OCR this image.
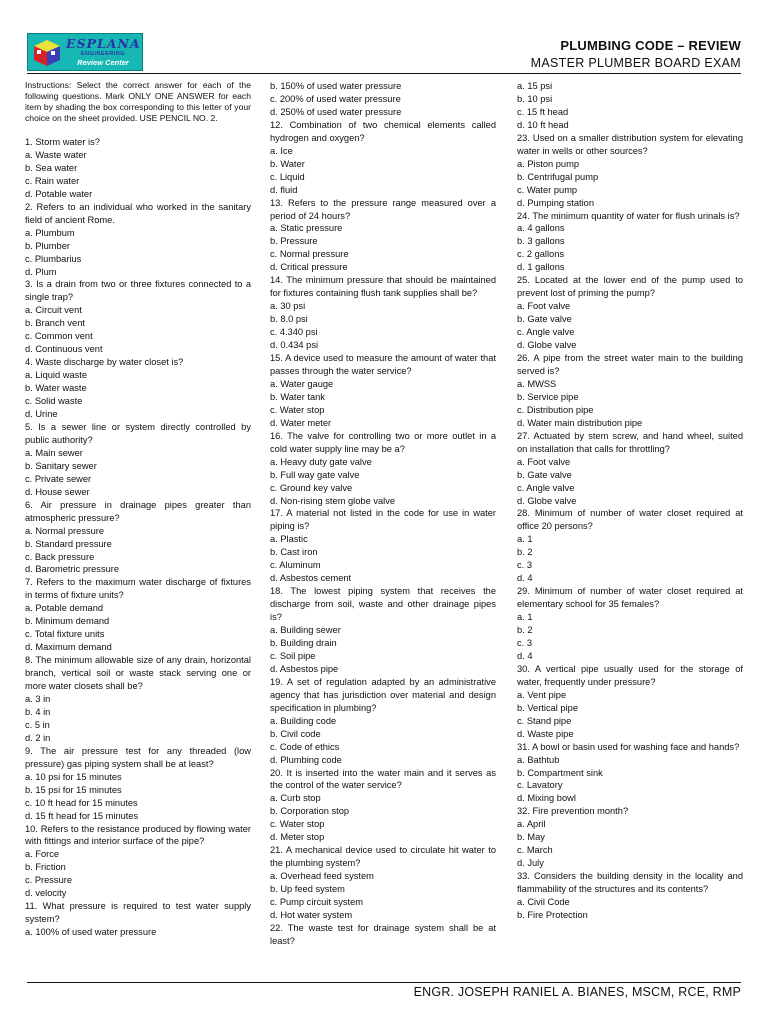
ESPLANA
ENGINEERING
Review Center
PLUMBING CODE – REVIEW
MASTER PLUMBER BOARD EXAM

Instructions: Select the correct answer for each of the following questions. Mark ONLY ONE ANSWER for each item by shading the box corresponding to this letter of your choice on the sheet provided. USE PENCIL NO. 2.

1. Storm water is?

a. Waste water

b. Sea water

c. Rain water

d. Potable water

2. Refers to an individual who worked in the sanitary field of ancient Rome.

a. Plumbum

b. Plumber

c. Plumbarius

d. Plum

3. Is a drain from two or three fixtures connected to a single trap?

a. Circuit vent

b. Branch vent

c. Common vent

d. Continuous vent

4. Waste discharge by water closet is?

a. Liquid waste

b. Water waste

c. Solid waste

d. Urine

5. Is a sewer line or system directly controlled by public authority?

a. Main sewer

b. Sanitary sewer

c. Private sewer

d. House sewer

6. Air pressure in drainage pipes greater than atmospheric pressure?

a. Normal pressure

b. Standard pressure

c. Back pressure

d. Barometric pressure

7. Refers to the maximum water discharge of fixtures in terms of fixture units?

a. Potable demand

b. Minimum demand

c. Total fixture units

d. Maximum demand

8. The minimum allowable size of any drain, horizontal branch, vertical soil or waste stack serving one or more water closets shall be?

a. 3 in

b. 4 in

c. 5 in

d. 2 in

9. The air pressure test for any threaded (low pressure) gas piping system shall be at least?

a. 10 psi for 15 minutes

b. 15 psi for 15 minutes

c. 10 ft head for 15 minutes

d. 15 ft head for 15 minutes

10. Refers to the resistance produced by flowing water with fittings and interior surface of the pipe?

a. Force

b. Friction

c. Pressure

d. velocity

11. What pressure is required to test water supply system?

a. 100% of used water pressure

b. 150% of used water pressure

c. 200% of used water pressure

d. 250% of used water pressure

12. Combination of two chemical elements called hydrogen and oxygen?

a. Ice

b. Water

c. Liquid

d. fluid

13. Refers to the pressure range measured over a period of 24 hours?

a. Static pressure

b. Pressure

c. Normal pressure

d. Critical pressure

14. The minimum pressure that should be maintained for fixtures containing flush tank supplies shall be?

a. 30 psi

b. 8.0 psi

c. 4.340 psi

d. 0.434 psi

15. A device used to measure the amount of water that passes through the water service?

a. Water gauge

b. Water tank

c. Water stop

d. Water meter

16. The valve for controlling two or more outlet in a cold water supply line may be a?

a. Heavy duty gate valve

b. Full way gate valve

c. Ground key valve

d. Non-rising stem globe valve

17. A material not listed in the code for use in water piping is?

a. Plastic

b. Cast iron

c. Aluminum

d. Asbestos cement

18. The lowest piping system that receives the discharge from soil, waste and other drainage pipes is?

a. Building sewer

b. Building drain

c. Soil pipe

d. Asbestos pipe

19. A set of regulation adapted by an administrative agency that has jurisdiction over material and design specification in plumbing?

a. Building code

b. Civil code

c. Code of ethics

d. Plumbing code

20. It is inserted into the water main and it serves as the control of the water service?

a. Curb stop

b. Corporation stop

c. Water stop

d. Meter stop

21. A mechanical device used to circulate hit water to the plumbing system?

a. Overhead feed system

b. Up feed system

c. Pump circuit system

d. Hot water system

22. The waste test for drainage system shall be at least?

a. 15 psi

b. 10 psi

c. 15 ft head

d. 10 ft head

23. Used on a smaller distribution system for elevating water in wells or other sources?

a. Piston pump

b. Centrifugal pump

c. Water pump

d. Pumping station

24. The minimum quantity of water for flush urinals is?

a. 4 gallons

b. 3 gallons

c. 2 gallons

d. 1 gallons

25. Located at the lower end of the pump used to prevent lost of priming the pump?

a. Foot valve

b. Gate valve

c. Angle valve

d. Globe valve

26. A pipe from the street water main to the building served is?

a. MWSS

b. Service pipe

c. Distribution pipe

d. Water main distribution pipe

27. Actuated by stem screw, and hand wheel, suited on installation that calls for throttling?

a. Foot valve

b. Gate valve

c. Angle valve

d. Globe valve

28. Minimum of number of water closet required at office 20 persons?

a. 1

b. 2

c. 3

d. 4

29. Minimum of number of water closet required at elementary school for 35 females?

a. 1

b. 2

c. 3

d. 4

30. A vertical pipe usually used for the storage of water, frequently under pressure?

a. Vent pipe

b. Vertical pipe

c. Stand pipe

d. Waste pipe

31. A bowl or basin used for washing face and hands?

a. Bathtub

b. Compartment sink

c. Lavatory

d. Mixing bowl

32. Fire prevention month?

a. April

b. May

c. March

d. July

33. Considers the building density in the locality and flammability of the structures and its contents?

a. Civil Code

b. Fire Protection

ENGR. JOSEPH RANIEL A. BIANES, MSCM, RCE, RMP
